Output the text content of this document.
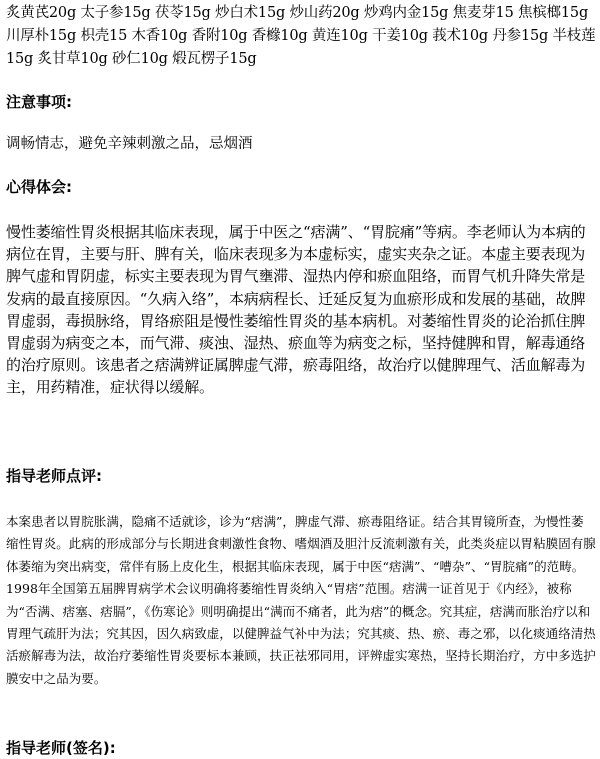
炙黄芪20g 太子参15g 茯苓15g 炒白术15g 炒山药20g 炒鸡内金15g 焦麦芽15 焦槟榔15g 川厚朴15g 枳壳15 木香10g 香附10g 香橼10g 黄连10g 干姜10g 莪术10g 丹参15g 半枝莲15g 炙甘草10g 砂仁10g 煅瓦楞子15g

注意事项:

调畅情志，避免辛辣刺激之品，忌烟酒

心得体会:

慢性萎缩性胃炎根据其临床表现，属于中医之“痞满”、“胃脘痛”等病。李老师认为本病的病位在胃，主要与肝、脾有关，临床表现多为本虚标实，虚实夹杂之证。本虚主要表现为脾气虚和胃阴虚，标实主要表现为胃气壅滞、湿热内停和瘀血阻络，而胃气机升降失常是发病的最直接原因。“久病入络”，本病病程长、迁延反复为血瘀形成和发展的基础，故脾胃虚弱，毒损脉络，胃络瘀阻是慢性萎缩性胃炎的基本病机。对萎缩性胃炎的论治抓住脾胃虚弱为病变之本，而气滞、痰浊、湿热、瘀血等为病变之标，坚持健脾和胃，解毒通络的治疗原则。该患者之痞满辨证属脾虚气滞，瘀毒阻络，故治疗以健脾理气、活血解毒为主，用药精准，症状得以缓解。

指导老师点评:

本案患者以胃脘胀满，隐痛不适就诊，诊为“痞满”，脾虚气滞、瘀毒阻络证。结合其胃镜所查，为慢性萎缩性胃炎。此病的形成部分与长期进食刺激性食物、嗜烟酒及胆汁反流刺激有关，此类炎症以胃粘膜固有腺体萎缩为突出病变，常伴有肠上皮化生，根据其临床表现，属于中医“痞满”、“嘈杂”、“胃脘痛”的范畴。1998年全国第五届脾胃病学术会议明确将萎缩性胃炎纳入“胃痞”范围。痞满一证首见于《内经》，被称为“否满、痞塞、痞膈”，《伤寒论》则明确提出“满而不痛者，此为痞”的概念。究其症，痞满而胀治疗以和胃理气疏肝为法；究其因，因久病致虚，以健脾益气补中为法；究其痰、热、瘀、毒之邪，以化痰通络清热活瘀解毒为法，故治疗萎缩性胃炎要标本兼顾，扶正祛邪同用，评辨虚实寒热，坚持长期治疗，方中多选护膜安中之品为要。

指导老师(签名):
